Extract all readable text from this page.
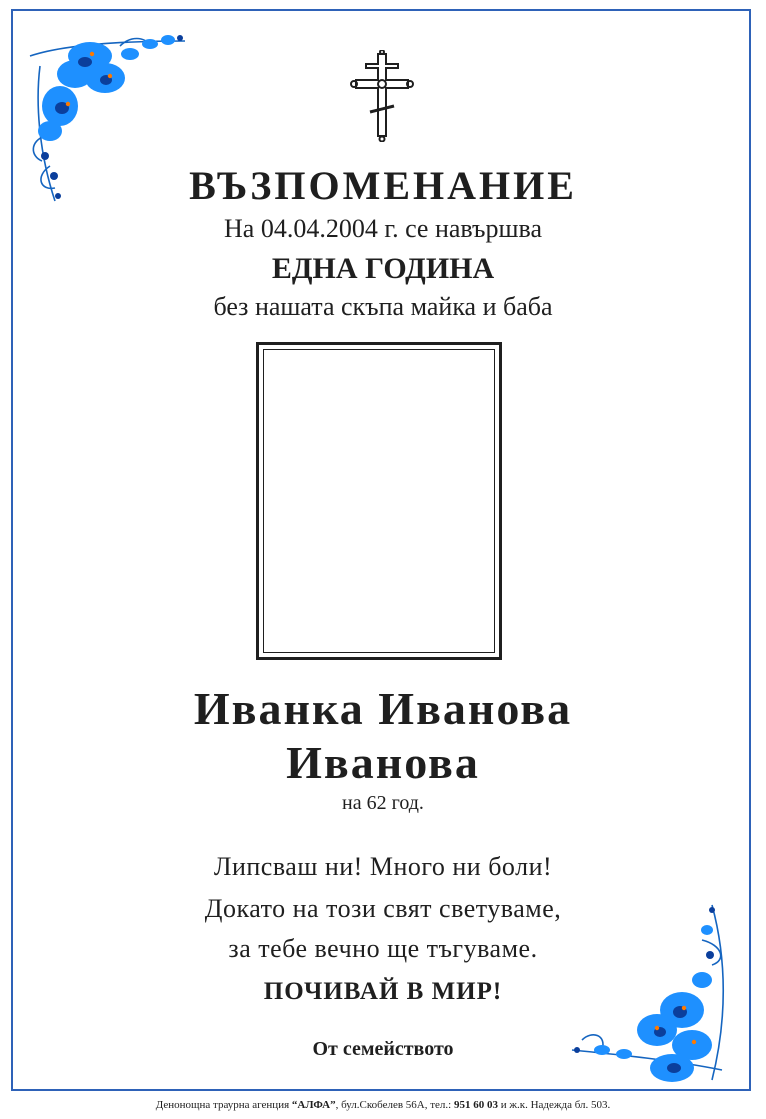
ВЪЗПОМЕНАНИЕ
На 04.04.2004 г. се навършва
ЕДНА ГОДИНА
без нашата скъпа майка и баба
Иванка Иванова
Иванова
на 62 год.
Липсваш ни! Много ни боли!
Докато на този свят светуваме,
за тебе вечно ще тъгуваме.
ПОЧИВАЙ В МИР!
От семейството
Денонощна траурна агенция “АЛФА”, бул.Скобелев 56А, тел.: 951 60 03 и ж.к. Надежда бл. 503.
